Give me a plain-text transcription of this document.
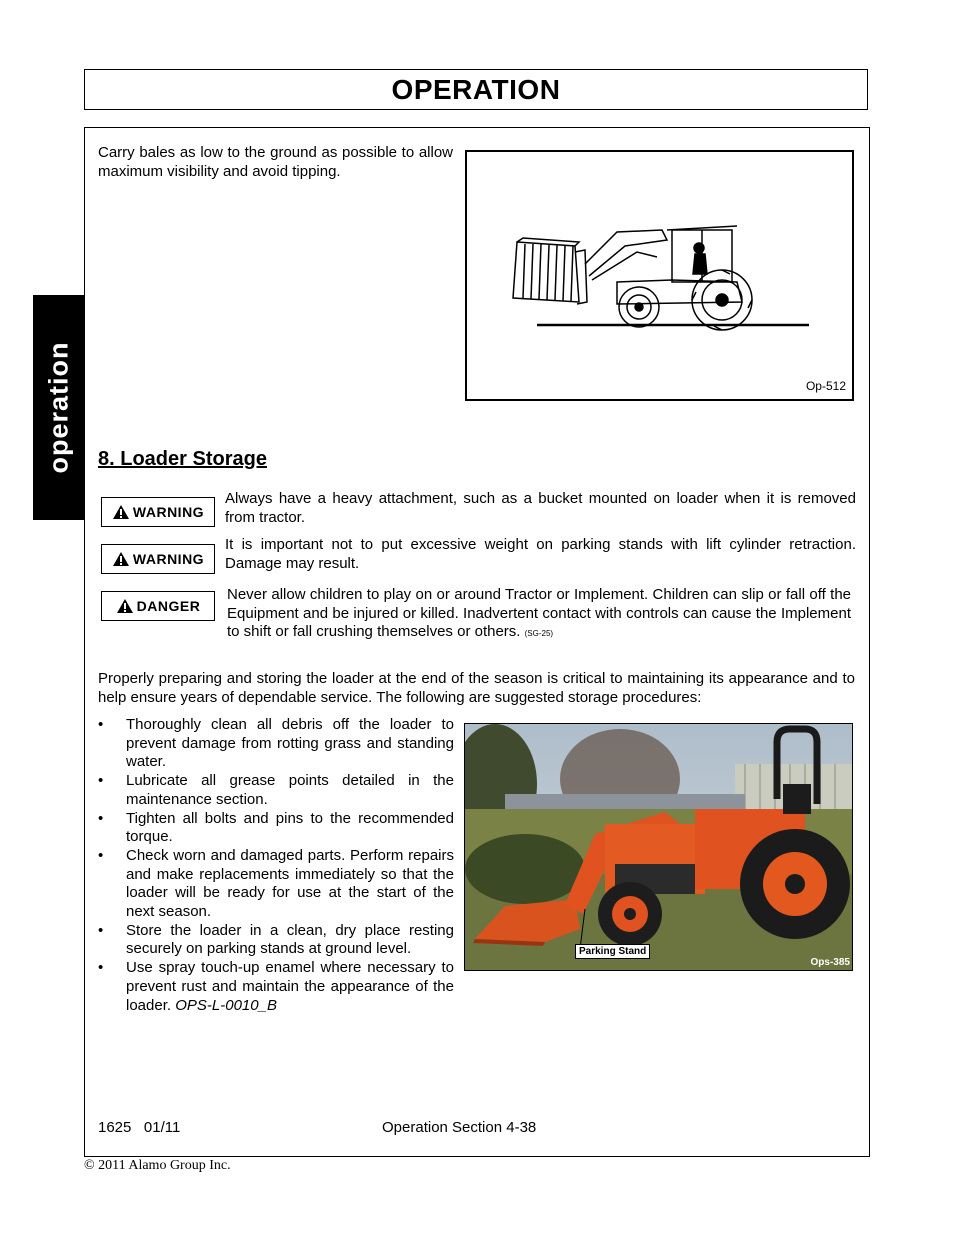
OPERATION
operation
Carry bales as low to the ground as possible to allow maximum visibility and avoid tipping.
Op-512
8. Loader Storage
WARNING
Always have a heavy attachment, such as a bucket mounted on loader when it is removed from tractor.
WARNING
It is important not to put excessive weight on parking stands with lift cylinder retraction. Damage may result.
DANGER
Never allow children to play on or around Tractor or Implement. Children can slip or fall off the Equipment and be injured or killed. Inadvertent contact with controls can cause the Implement to shift or fall crushing themselves or others. (SG-25)
Properly preparing and storing the loader at the end of the season is critical to maintaining its appearance and to help ensure years of dependable service. The following are suggested storage procedures:
• Thoroughly clean all debris off the loader to prevent damage from rotting grass and standing water.
• Lubricate all grease points detailed in the maintenance section.
• Tighten all bolts and pins to the recommended torque.
• Check worn and damaged parts. Perform repairs and make replacements immediately so that the loader will be ready for use at the start of the next season.
• Store the loader in a clean, dry place resting securely on parking stands at ground level.
• Use spray touch-up enamel where necessary to prevent rust and maintain the appearance of the loader. OPS-L-0010_B
Parking Stand
Ops-385
1625 01/11	Operation Section 4-38
© 2011 Alamo Group Inc.
